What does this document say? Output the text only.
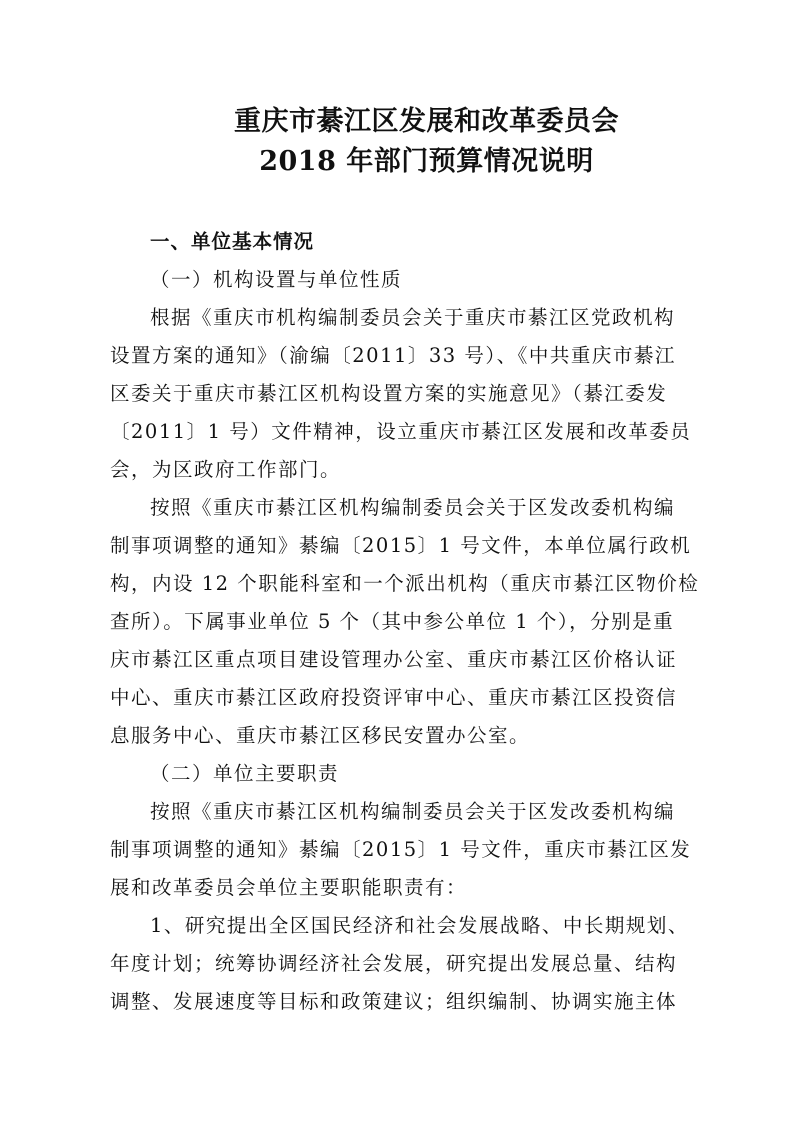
重庆市綦江区发展和改革委员会
2018 年部门预算情况说明
一、单位基本情况
（一）机构设置与单位性质
根据《重庆市机构编制委员会关于重庆市綦江区党政机构
设置方案的通知》（渝编〔2011〕33 号）、《中共重庆市綦江
区委关于重庆市綦江区机构设置方案的实施意见》（綦江委发
〔2011〕1 号）文件精神，设立重庆市綦江区发展和改革委员
会，为区政府工作部门。
按照《重庆市綦江区机构编制委员会关于区发改委机构编
制事项调整的通知》綦编〔2015〕1 号文件，本单位属行政机
构，内设 12 个职能科室和一个派出机构（重庆市綦江区物价检
查所）。下属事业单位 5 个（其中参公单位 1 个），分别是重
庆市綦江区重点项目建设管理办公室、重庆市綦江区价格认证
中心、重庆市綦江区政府投资评审中心、重庆市綦江区投资信
息服务中心、重庆市綦江区移民安置办公室。
（二）单位主要职责
按照《重庆市綦江区机构编制委员会关于区发改委机构编
制事项调整的通知》綦编〔2015〕1 号文件，重庆市綦江区发
展和改革委员会单位主要职能职责有：
1、研究提出全区国民经济和社会发展战略、中长期规划、
年度计划；统筹协调经济社会发展，研究提出发展总量、结构
调整、发展速度等目标和政策建议；组织编制、协调实施主体
